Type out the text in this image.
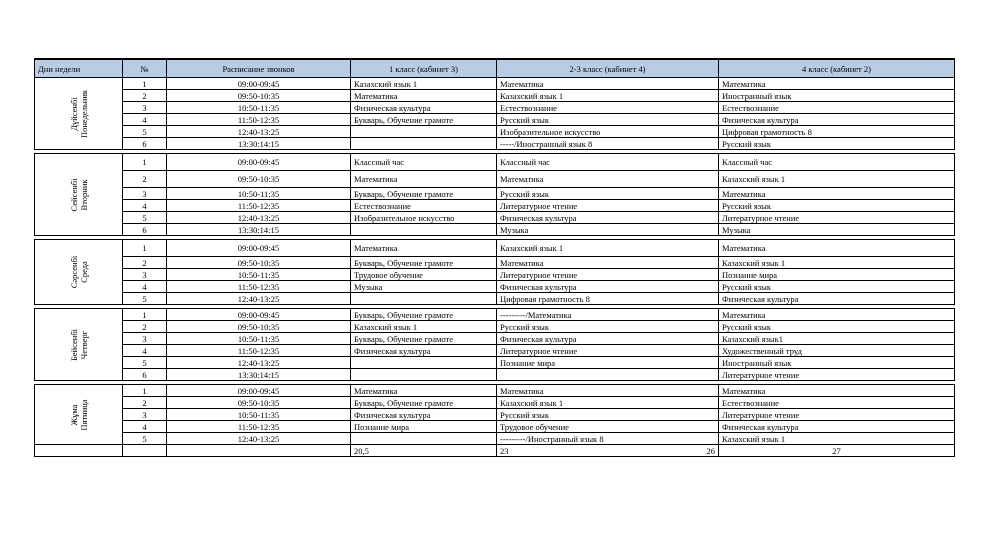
Дни недели	№	Расписание звонков	1 класс (кабинет 3)	2-3 класс (кабинет 4)	4 класс (кабинет 2)

Дүйсенбі Понедельник	1	09:00-09:45	Казахский язык 1	Математика	Математика
	2	09:50-10:35	Математика	Казахский язык 1	Иностранный язык
	3	10:50-11:35	Физическая культура	Естествознание	Естествознание
	4	11:50-12:35	Букварь, Обучение грамоте	Русский язык	Физическая культура
	5	12:40-13:25		Изобразительное искусство	Цифровая грамотность 8
	6	13:30:14:15		-----/Иностранный язык 8	Русский язык

Сейсенбі Вторник	1	09:00-09:45	Классный час	Классный час	Классный час
	2	09:50-10:35	Математика	Математика	Казахский язык 1
	3	10:50-11:35	Букварь, Обучение грамоте	Русский язык	Математика
	4	11:50-12:35	Естествознание	Литературное чтение	Русский язык
	5	12:40-13:25	Изобразительное искусство	Физическая культура	Литературное чтение
	6	13:30:14:15		Музыка	Музыка

Сәрсенбі Среда	1	09:00-09:45	Математика	Казахский язык 1	Математика
	2	09:50-10:35	Букварь, Обучение грамоте	Математика	Казахский язык 1
	3	10:50-11:35	Трудовое обучение	Литературное чтение	Познание мира
	4	11:50-12:35	Музыка	Физическая культура	Русский язык
	5	12:40-13:25		Цифровая грамотность 8	Физическая культура

Бейсенбі Четверг	1	09:00-09:45	Букварь, Обучение грамоте	---------/Математика	Математика
	2	09:50-10:35	Казахский язык 1	Русский язык	Русский язык
	3	10:50-11:35	Букварь, Обучение грамоте	Физическая культура	Казахский язык1
	4	11:50-12:35	Физическая культура	Литературное чтение	Художественный труд
	5	12:40-13:25		Познание мира	Иностранный язык
	6	13:30:14:15			Литературное чтение

Жұма Пятница	1	09:00-09:45	Математика	Математика	Математика
	2	09:50-10:35	Букварь, Обучение грамоте	Казахский язык 1	Естествознание
	3	10:50-11:35	Физическая культура	Русский язык	Литературное чтение
	4	11:50-12:35	Познание мира	Трудовое обучение	Физическая культура
	5	12:40-13:25		---------/Иностранный язык 8	Казахский язык 1
			20,5	23 26	27
